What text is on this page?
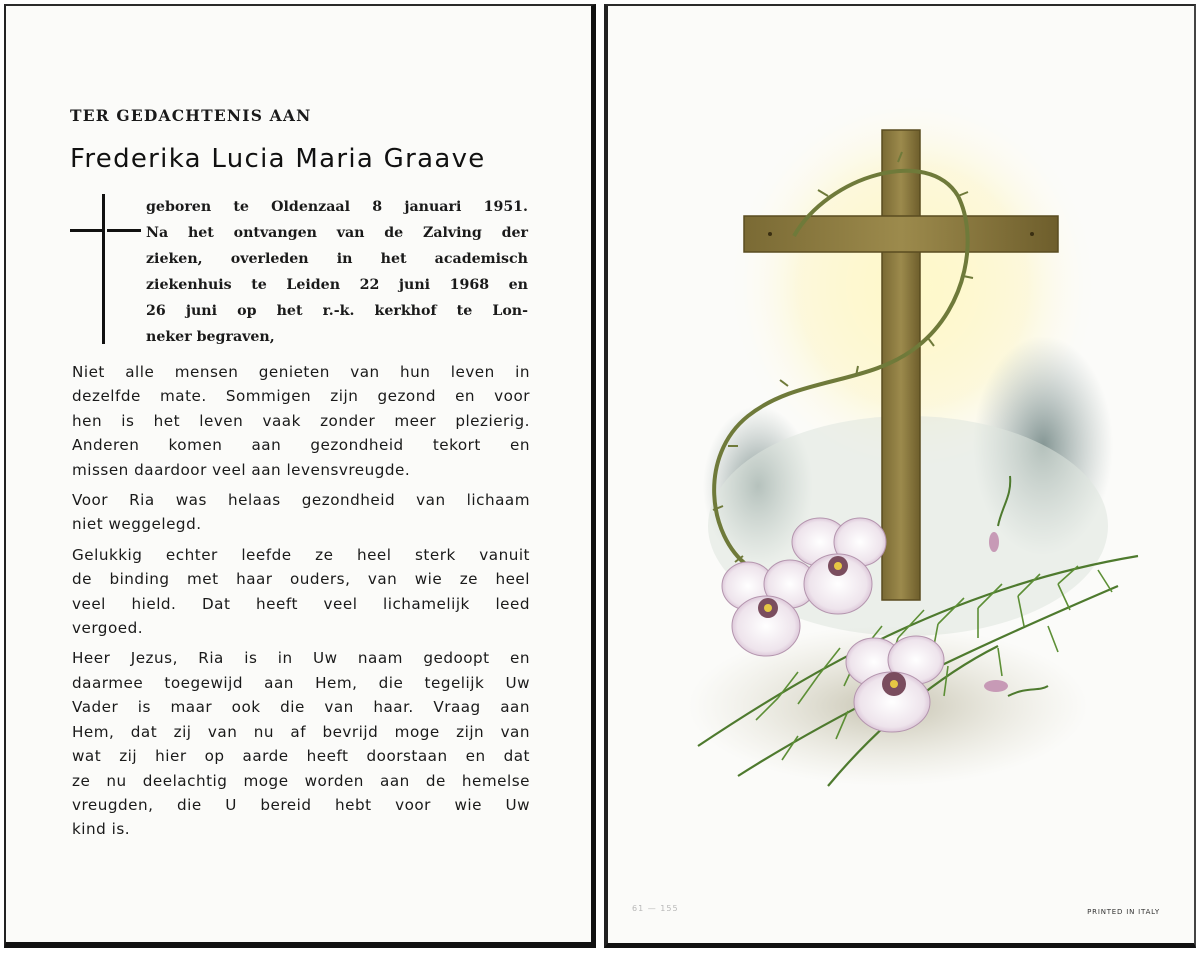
TER GEDACHTENIS AAN
Frederika Lucia Maria Graave
geboren te Oldenzaal 8 januari 1951.
Na het ontvangen van de Zalving der
zieken, overleden in het academisch
ziekenhuis te Leiden 22 juni 1968 en
26 juni op het r.-k. kerkhof te Lon-
neker begraven,
Niet alle mensen genieten van hun leven in
dezelfde mate. Sommigen zijn gezond en voor
hen is het leven vaak zonder meer plezierig.
Anderen komen aan gezondheid tekort en
missen daardoor veel aan levensvreugde.
Voor Ria was helaas gezondheid van lichaam
niet weggelegd.
Gelukkig echter leefde ze heel sterk vanuit
de binding met haar ouders, van wie ze heel
veel hield. Dat heeft veel lichamelijk leed
vergoed.
Heer Jezus, Ria is in Uw naam gedoopt en
daarmee toegewijd aan Hem, die tegelijk Uw
Vader is maar ook die van haar. Vraag aan
Hem, dat zij van nu af bevrijd moge zijn van
wat zij hier op aarde heeft doorstaan en dat
ze nu deelachtig moge worden aan de hemelse
vreugden, die U bereid hebt voor wie Uw
kind is.
61 — 155	PRINTED IN ITALY
